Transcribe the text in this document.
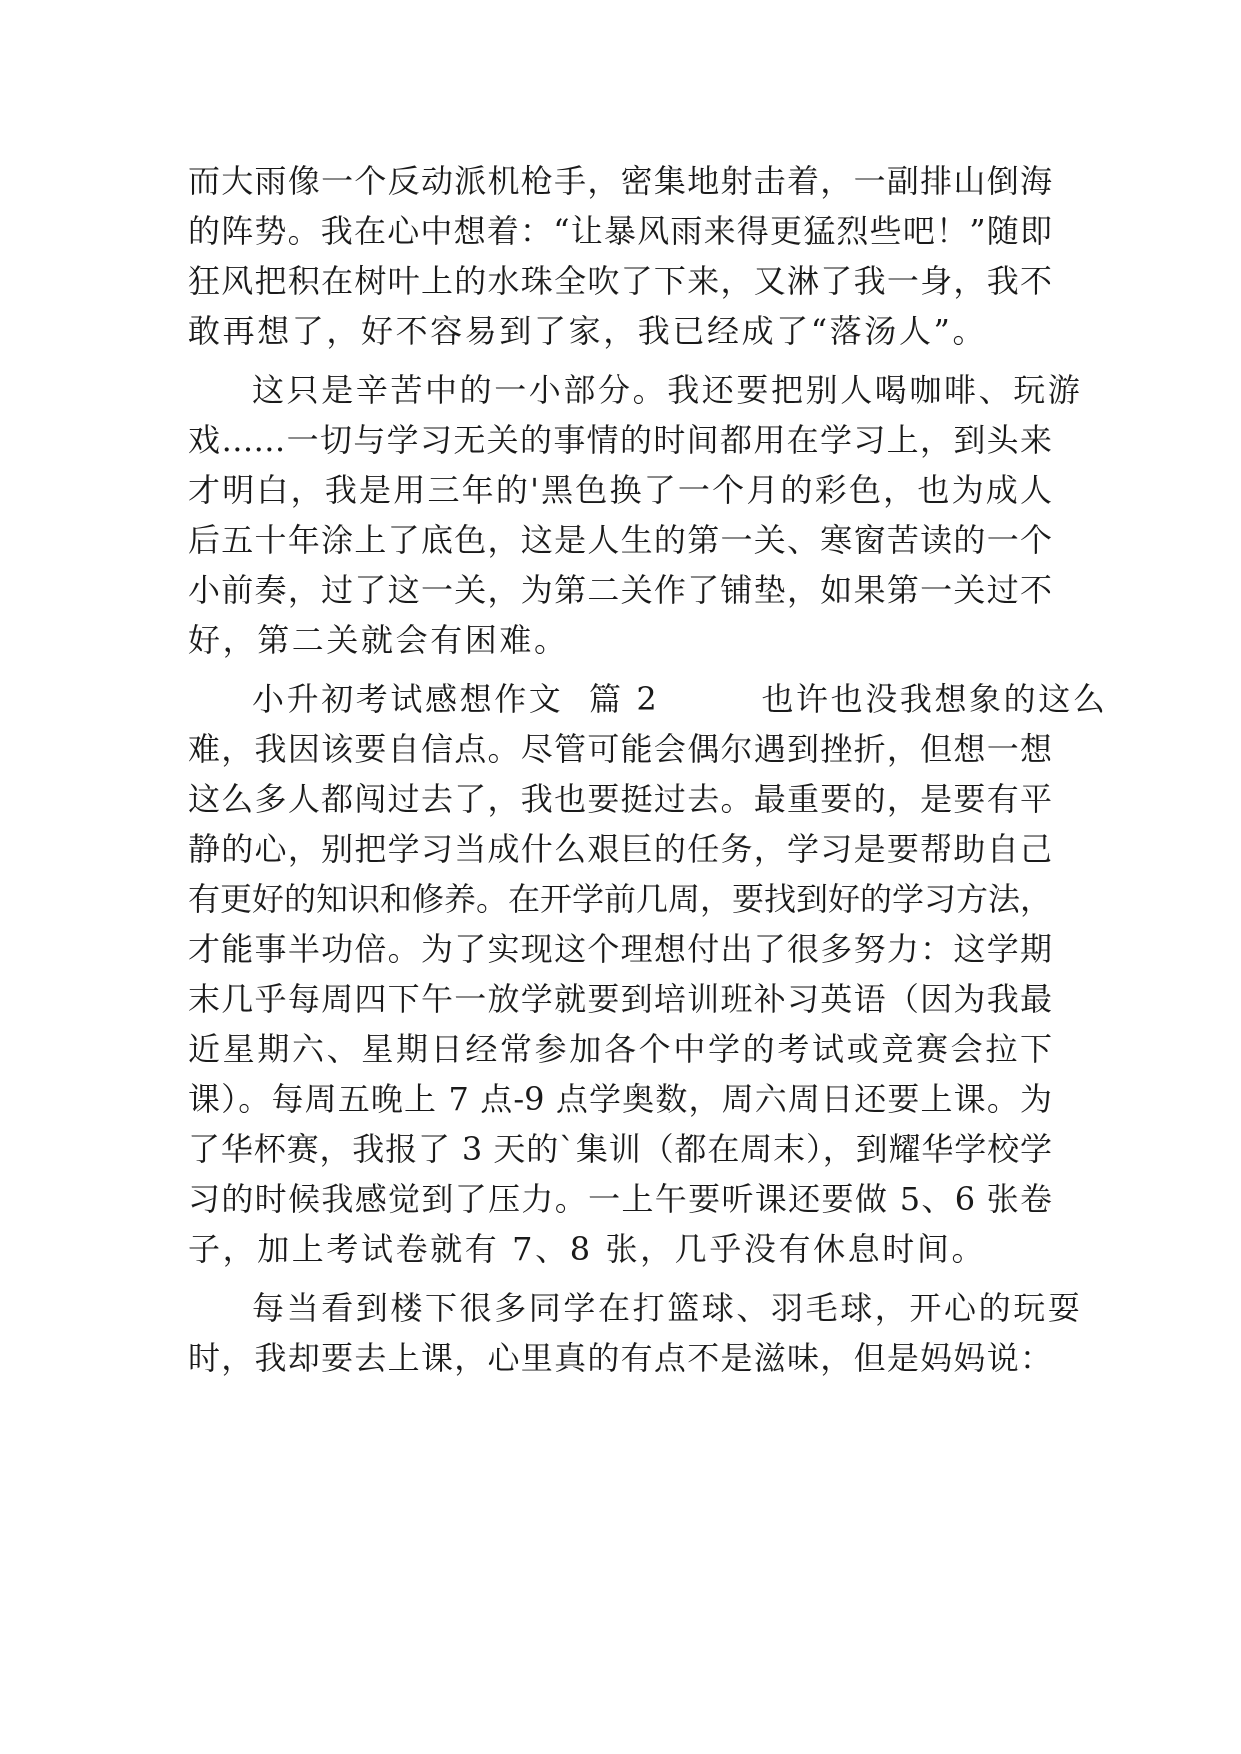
而大雨像一个反动派机枪手，密集地射击着，一副排山倒海
的阵势。我在心中想着：“让暴风雨来得更猛烈些吧！”随即
狂风把积在树叶上的水珠全吹了下来，又淋了我一身，我不
敢再想了，好不容易到了家，我已经成了“落汤人”。
这只是辛苦中的一小部分。我还要把别人喝咖啡、玩游
戏……一切与学习无关的事情的时间都用在学习上，到头来
才明白，我是用三年的'黑色换了一个月的彩色，也为成人
后五十年涂上了底色，这是人生的第一关、寒窗苦读的一个
小前奏，过了这一关，为第二关作了铺垫，如果第一关过不
好，第二关就会有困难。
小升初考试感想作文  篇 2        也许也没我想象的这么
难，我因该要自信点。尽管可能会偶尔遇到挫折，但想一想
这么多人都闯过去了，我也要挺过去。最重要的，是要有平
静的心，别把学习当成什么艰巨的任务，学习是要帮助自己
有更好的知识和修养。在开学前几周，要找到好的学习方法，
才能事半功倍。为了实现这个理想付出了很多努力：这学期
末几乎每周四下午一放学就要到培训班补习英语（因为我最
近星期六、星期日经常参加各个中学的考试或竞赛会拉下
课）。每周五晚上 7 点-9 点学奥数，周六周日还要上课。为
了华杯赛，我报了 3 天的`集训（都在周末），到耀华学校学
习的时候我感觉到了压力。一上午要听课还要做 5、6 张卷
子，加上考试卷就有 7、8 张，几乎没有休息时间。
每当看到楼下很多同学在打篮球、羽毛球，开心的玩耍
时，我却要去上课，心里真的有点不是滋味，但是妈妈说：
